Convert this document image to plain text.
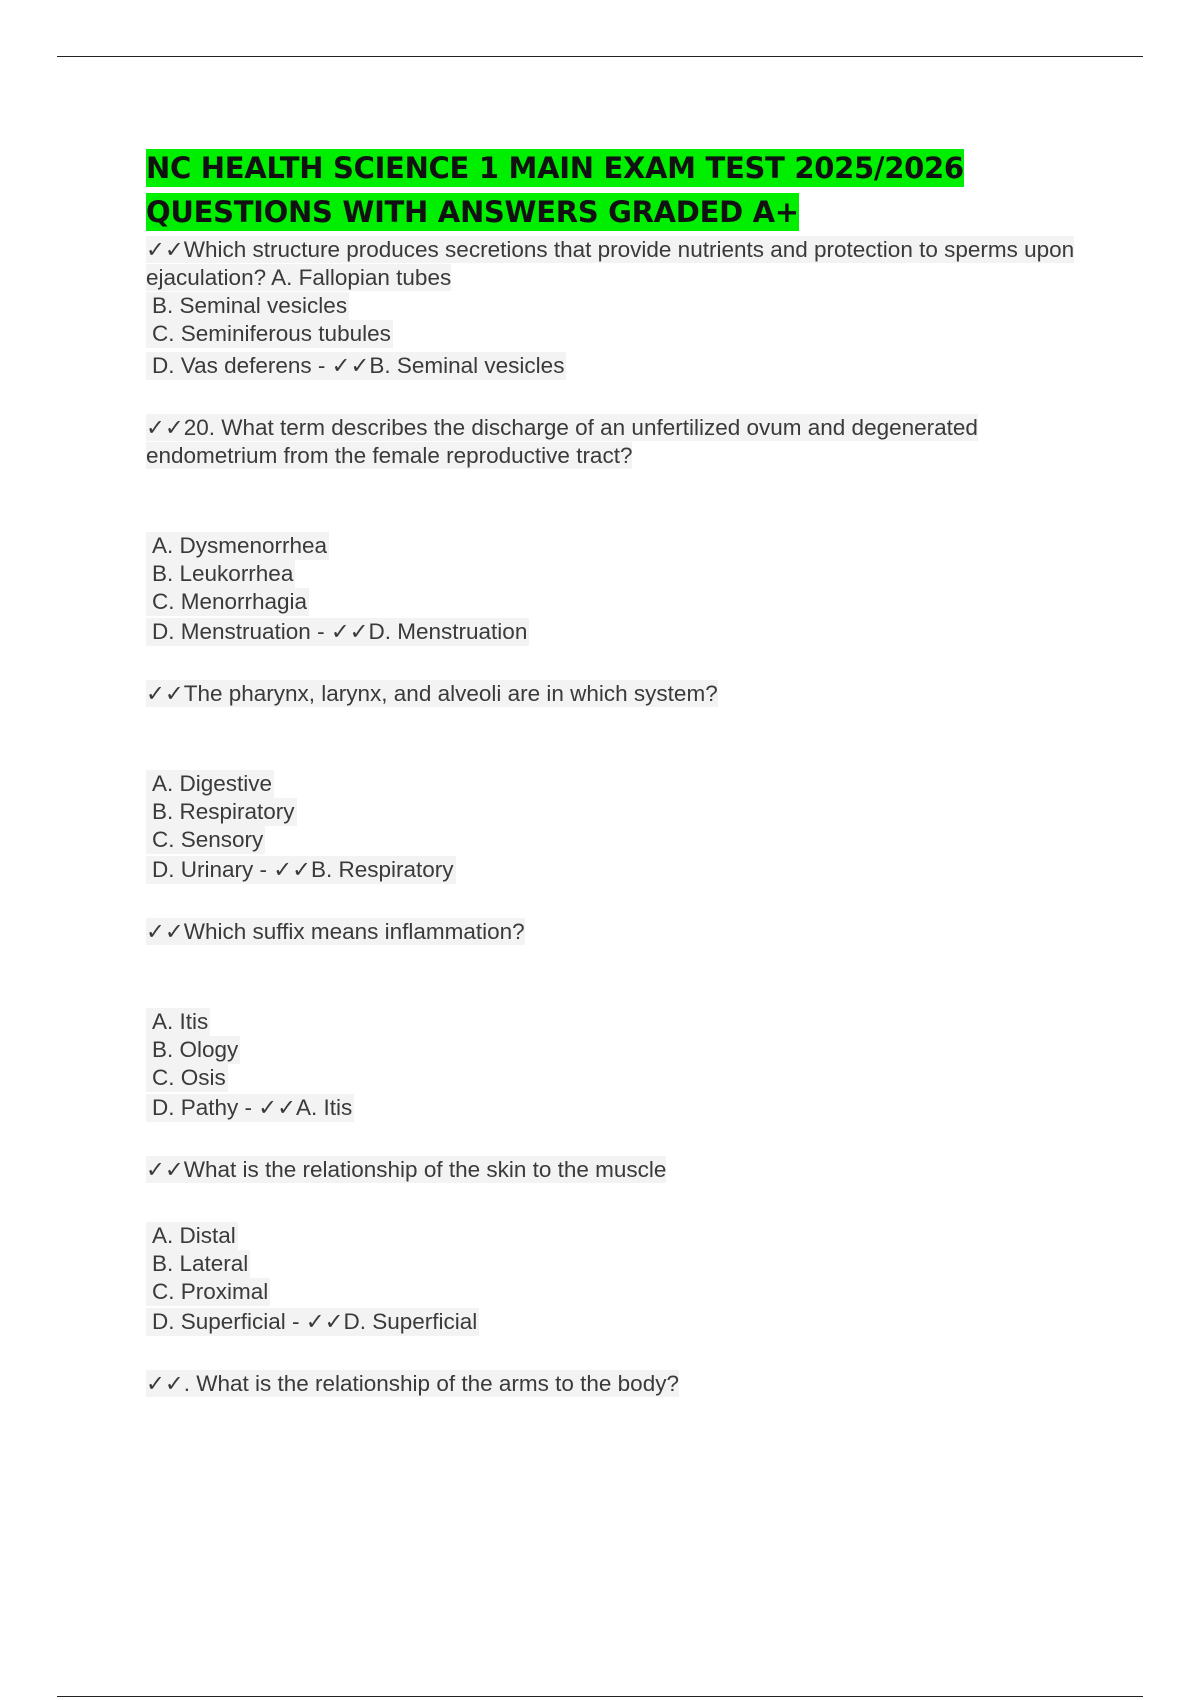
NC HEALTH SCIENCE 1 MAIN EXAM TEST 2025/2026
QUESTIONS WITH ANSWERS GRADED A+
✓✓Which structure produces secretions that provide nutrients and protection to sperms upon ejaculation? A. Fallopian tubes
B. Seminal vesicles
C. Seminiferous tubules
D. Vas deferens - ✓✓B. Seminal vesicles
✓✓20. What term describes the discharge of an unfertilized ovum and degenerated endometrium from the female reproductive tract?
A. Dysmenorrhea
B. Leukorrhea
C. Menorrhagia
D. Menstruation - ✓✓D. Menstruation
✓✓The pharynx, larynx, and alveoli are in which system?
A. Digestive
B. Respiratory
C. Sensory
D. Urinary - ✓✓B. Respiratory
✓✓Which suffix means inflammation?
A. Itis
B. Ology
C. Osis
D. Pathy - ✓✓A. Itis
✓✓What is the relationship of the skin to the muscle
A. Distal
B. Lateral
C. Proximal
D. Superficial - ✓✓D. Superficial
✓✓. What is the relationship of the arms to the body?
